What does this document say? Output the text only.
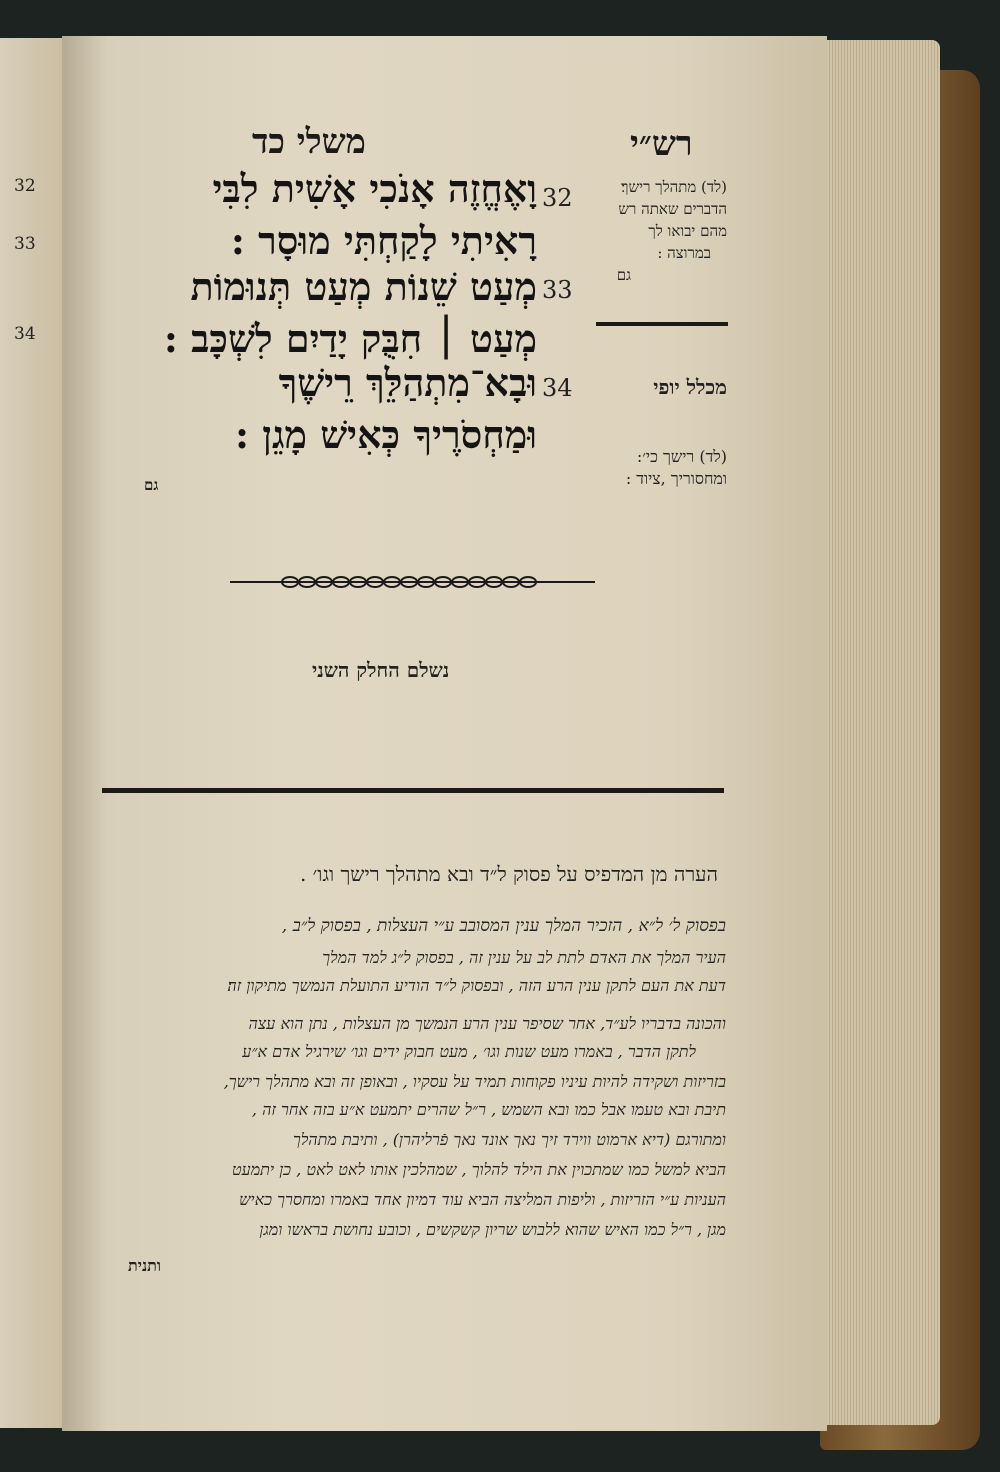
32
33
34
רש״י
משלי כד
(לד) מתהלך רישך׃
הדברים שאתה רש
מהם יבואו לך
במרוצה :
גם
מכלל יופי
(לד) רישך כי׳:
ומחסוריך ,ציוד :
32
וָאֶחֱזֶה אָנֹכִי אָשִׁית לִבִּי
רָאִיתִי לָקַחְתִּי מוּסָר :
33
מְעַט שֵׁנוֹת מְעַט תְּנוּמוֹת
מְעַט ׀ חִבֻּק יָדַיִם לִשְׁכָּב :
34
וּבָא־מִתְהַלֵּךְ רֵישֶׁךָ
וּמַחְסֹרֶיךָ כְּאִישׁ מָגֵן :
גם
נשלם החלק השני
הערה מן המדפיס על פסוק ל״ד ובא מתהלך רישך וגו׳ .
בפסוק ל׳ ל״א , הזכיר המלך ענין המסובב ע״י העצלות , בפסוק ל״ב ,
העיר המלך את האדם לתת לב על ענין זה , בפסוק ל״ג למד המלך
דעת את העם לתקן ענין הרע הזה , ובפסוק ל״ד הודיע התועלת הנמשך מתיקון זה׃
והכונה בדבריו לע״ד, אחר שסיפר ענין הרע הנמשך מן העצלות , נתן הוא עצה
לתקן הדבר , באמרו מעט שנות וגו׳ , מעט חבוק ידים וגו׳ שירגיל אדם א״ע
בזריזות ושקידה להיות עיניו פקוחות תמיד על עסקיו , ובאופן זה ובא מתהלך רישך,
תיבת ובא טעמו אבל כמו ובא השמש , ר״ל שהרים יתמעט א״ע בזה אחר זה ,
ומתורגם (דיא ארמוט ווירד זיך נאך אונד נאך פֿרליהרן) , ותיבת מתהלך
הביא למשל כמו שמתכוין את הילד להלוך , שמהלכין אותו לאט לאט , כן יתמעט
העניות ע״י הזריזות , וליפות המליצה הביא עוד דמיון אחד באמרו ומחסרך כאיש
מגן , ר״ל כמו האיש שהוא ללבוש שריון קשקשים , וכובע נחושת בראשו ומגן
ותנית
